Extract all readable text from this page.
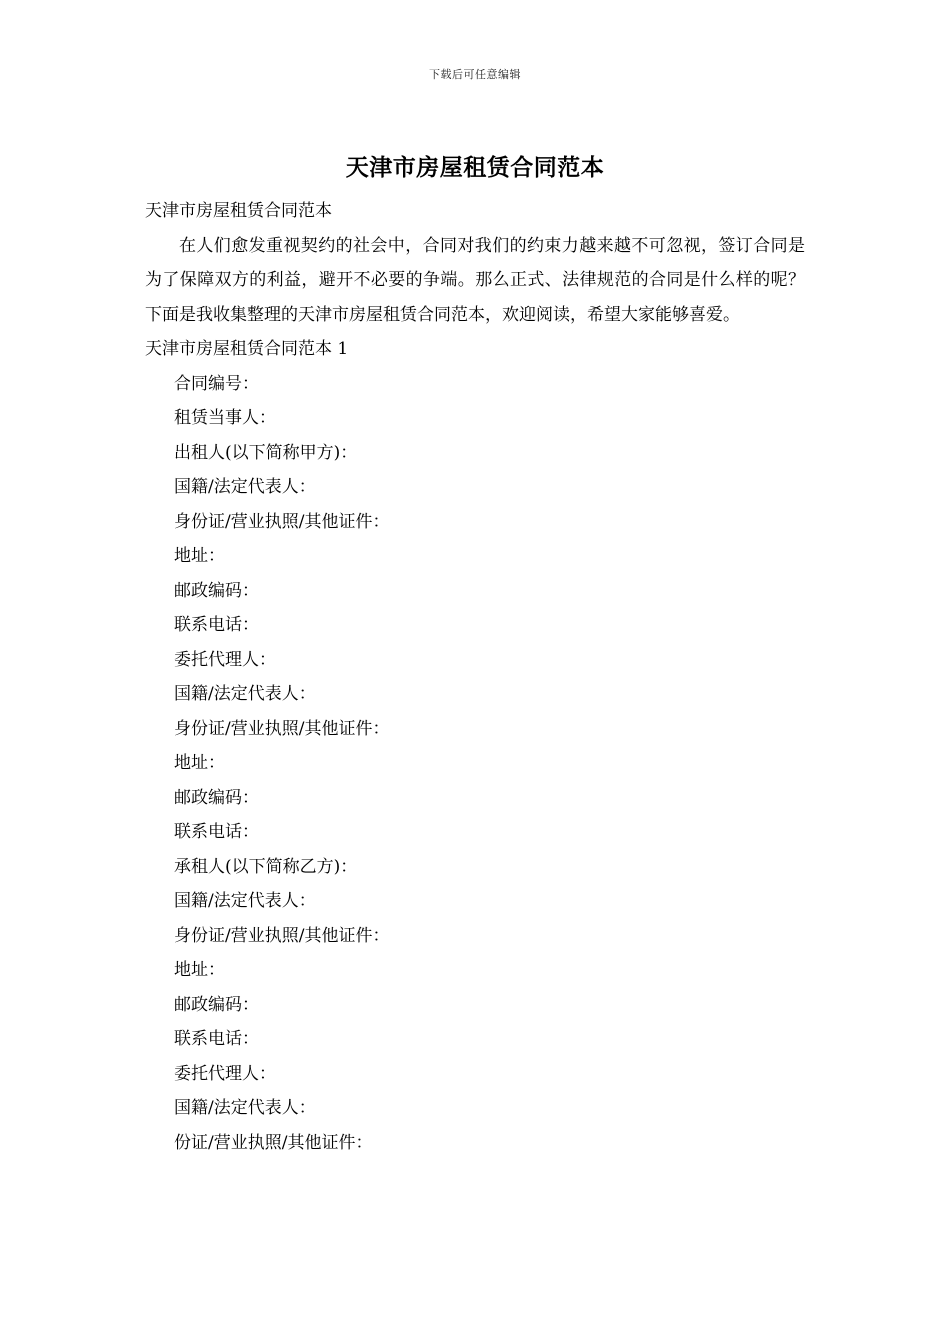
下载后可任意编辑
天津市房屋租赁合同范本

天津市房屋租赁合同范本

在人们愈发重视契约的社会中，合同对我们的约束力越来越不可忽视，签订合同是为了保障双方的利益，避开不必要的争端。那么正式、法律规范的合同是什么样的呢？下面是我收集整理的天津市房屋租赁合同范本，欢迎阅读，希望大家能够喜爱。

天津市房屋租赁合同范本 1

合同编号：

租赁当事人：

出租人(以下简称甲方)：

国籍/法定代表人：

身份证/营业执照/其他证件：

地址：

邮政编码：

联系电话：

委托代理人：

国籍/法定代表人：

身份证/营业执照/其他证件：

地址：

邮政编码：

联系电话：

承租人(以下简称乙方)：

国籍/法定代表人：

身份证/营业执照/其他证件：

地址：

邮政编码：

联系电话：

委托代理人：

国籍/法定代表人：

份证/营业执照/其他证件：
